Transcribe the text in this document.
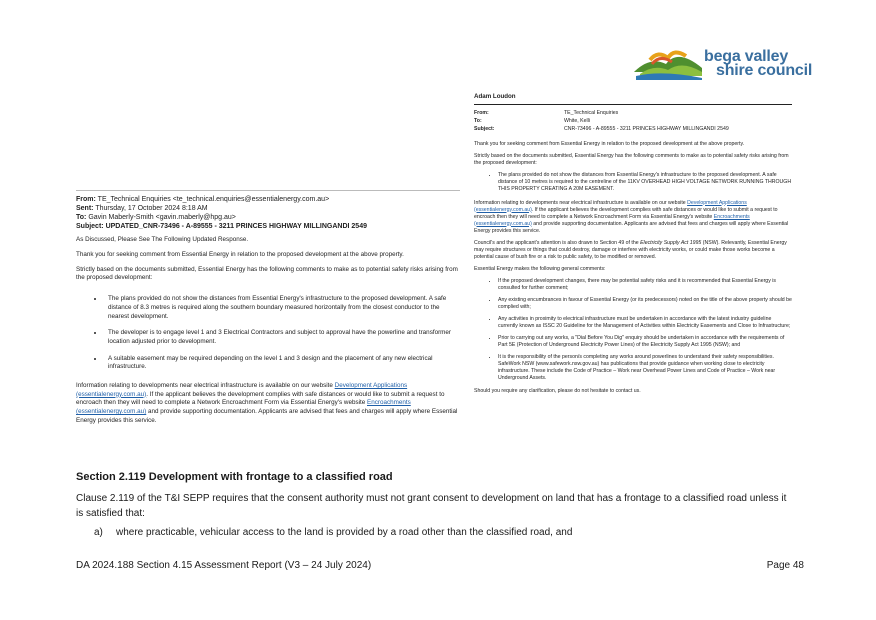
bega valley
shire council
Adam Loudon
From:	TE_Technical Enquiries
To:	White, Kelli
Subject:	CNR-73496 - A-89555 - 3211 PRINCES HIGHWAY MILLINGANDI 2549

Thank you for seeking comment from Essential Energy in relation to the proposed development at the above property.

Strictly based on the documents submitted, Essential Energy has the following comments to make as to potential safety risks arising from the proposed development:

• The plans provided do not show the distances from Essential Energy's infrastructure to the proposed development. A safe distance of 10 metres is required to the centreline of the 11KV OVERHEAD HIGH VOLTAGE NETWORK RUNNING THROUGH THIS PROPERTY CREATING A 20M EASEMENT.

Information relating to developments near electrical infrastructure is available on our website Development Applications (essentialenergy.com.au). If the applicant believes the development complies with safe distances or would like to submit a request to encroach then they will need to complete a Network Encroachment Form via Essential Energy's website Encroachments (essentialenergy.com.au) and provide supporting documentation. Applicants are advised that fees and charges will apply where Essential Energy provides this service.

Council's and the applicant's attention is also drawn to Section 49 of the Electricity Supply Act 1995 (NSW). Relevantly, Essential Energy may require structures or things that could destroy, damage or interfere with electricity works, or could make those works become a potential cause of bush fire or a risk to public safety, to be modified or removed.

Essential Energy makes the following general comments:

• If the proposed development changes, there may be potential safety risks and it is recommended that Essential Energy is consulted for further comment;
• Any existing encumbrances in favour of Essential Energy (or its predecessors) noted on the title of the above property should be complied with;
• Any activities in proximity to electrical infrastructure must be undertaken in accordance with the latest industry guideline currently known as ISSC 20 Guideline for the Management of Activities within Electricity Easements and Close to Infrastructure;
• Prior to carrying out any works, a "Dial Before You Dig" enquiry should be undertaken in accordance with the requirements of Part 5E (Protection of Underground Electricity Power Lines) of the Electricity Supply Act 1995 (NSW); and
• It is the responsibility of the person/s completing any works around powerlines to understand their safety responsibilities. SafeWork NSW (www.safework.nsw.gov.au) has publications that provide guidance when working close to electricity infrastructure. These include the Code of Practice – Work near Overhead Power Lines and Code of Practice – Work near Underground Assets.

Should you require any clarification, please do not hesitate to contact us.

From: TE_Technical Enquiries <te_technical.enquiries@essentialenergy.com.au>
Sent: Thursday, 17 October 2024 8:18 AM
To: Gavin Maberly-Smith <gavin.maberly@hpg.au>
Subject: UPDATED_CNR-73496 - A-89555 - 3211 PRINCES HIGHWAY MILLINGANDI 2549

As Discussed, Please See The Following Updated Response.

Thank you for seeking comment from Essential Energy in relation to the proposed development at the above property.

Strictly based on the documents submitted, Essential Energy has the following comments to make as to potential safety risks arising from the proposed development:

• The plans provided do not show the distances from Essential Energy's infrastructure to the proposed development. A safe distance of 8.3 metres is required along the southern boundary measured horizontally from the closest conductor to the nearest development.
• The developer is to engage level 1 and 3 Electrical Contractors and subject to approval have the powerline and transformer location adjusted prior to development.
• A suitable easement may be required depending on the level 1 and 3 design and the placement of any new electrical infrastructure.

Information relating to developments near electrical infrastructure is available on our website Development Applications (essentialenergy.com.au). If the applicant believes the development complies with safe distances or would like to submit a request to encroach then they will need to complete a Network Encroachment Form via Essential Energy's website Encroachments (essentialenergy.com.au) and provide supporting documentation. Applicants are advised that fees and charges will apply where Essential Energy provides this service.

Section 2.119 Development with frontage to a classified road
Clause 2.119 of the T&I SEPP requires that the consent authority must not grant consent to development on land that has a frontage to a classified road unless it is satisfied that:
a) where practicable, vehicular access to the land is provided by a road other than the classified road, and
DA 2024.188 Section 4.15 Assessment Report (V3 – 24 July 2024)	Page 48
